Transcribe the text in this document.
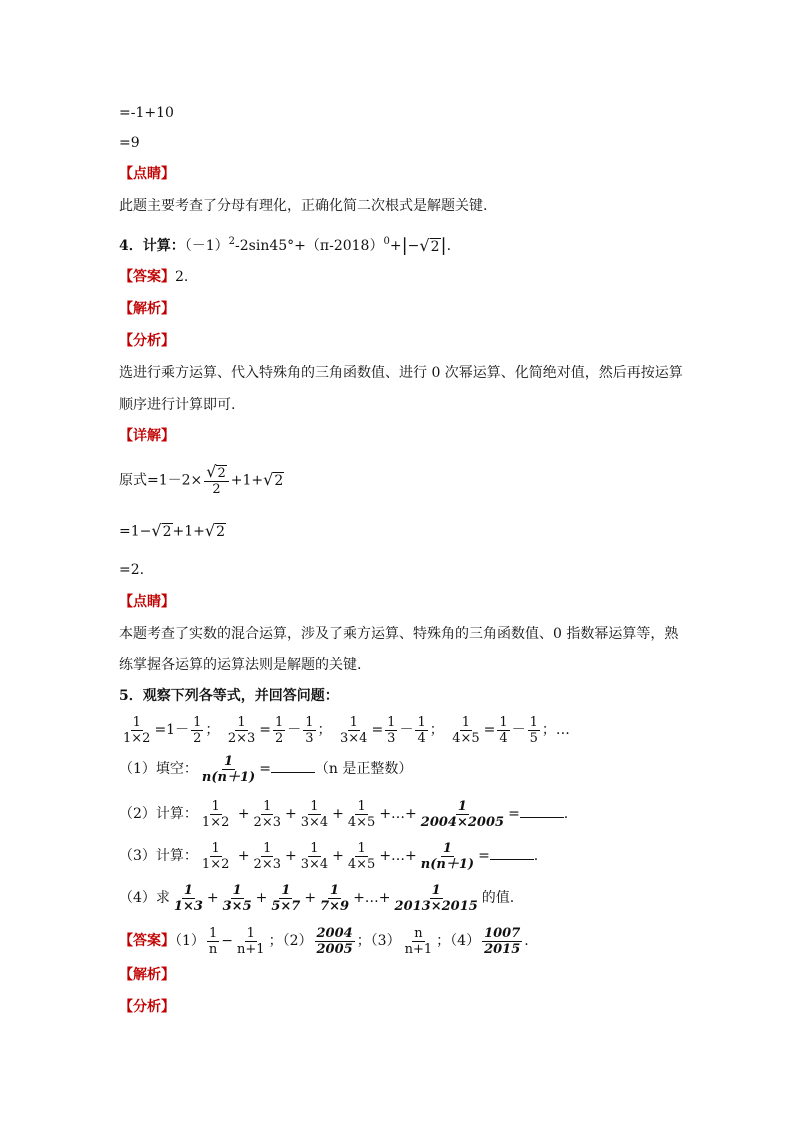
=-1+10
=9
【点睛】
此题主要考查了分母有理化，正确化简二次根式是解题关键.
4．计算：$(-1)^2-2\sin 45^\circ+(\pi-2018)^0+|-√2|$.
【答案】2.
【解析】
【分析】
选进行乘方运算、代入特殊角的三角函数值、进行 0 次幂运算、化简绝对值，然后再按运算
顺序进行计算即可.
【详解】
原式$=1-2\times \frac{√2}{2} +1+√2$
=1−√2+1+√2
=2.
【点睛】
本题考查了实数的混合运算，涉及了乘方运算、特殊角的三角函数值、0 指数幂运算等，熟
练掌握各运算的运算法则是解题的关键.
5．观察下列各等式，并回答问题：
$\frac{1}{1\times 2} =1- \frac{1}{2}$ ； $\frac{1}{2\times 3} = \frac{1}{2} - \frac{1}{3}$ ； $\frac{1}{3\times 4} = \frac{1}{3} - \frac{1}{4}$ ； $\frac{1}{4\times 5} = \frac{1}{4} - \frac{1}{5}$ ；…
（1）填空： $\frac{1}{n(n+1)}$ =	（n 是正整数）
（2）计算： $\frac{1}{1\times 2} + \frac{1}{2\times 3} + \frac{1}{3\times 4} + \frac{1}{4\times 5}$ +…+ $\frac{1}{2004\times 2005}$ =	.
（3）计算： $\frac{1}{1\times 2} + \frac{1}{2\times 3} + \frac{1}{3\times 4} + \frac{1}{4\times 5}$ +…+ $\frac{1}{n(n+1)}$ =	.
（4）求 $\frac{1}{1\times 3} + \frac{1}{3\times 5} + \frac{1}{5\times 7} + \frac{1}{7\times 9}$ +…+ $\frac{1}{2013\times 2015}$ 的值.
【答案】$(1) \frac{1}{n} - \frac{1}{n+1}$ ；$(2) \frac{2004}{2005}$ ；$(3) \frac{n}{n+1}$ ；$(4) \frac{1007}{2015}$ .
【解析】
【分析】
